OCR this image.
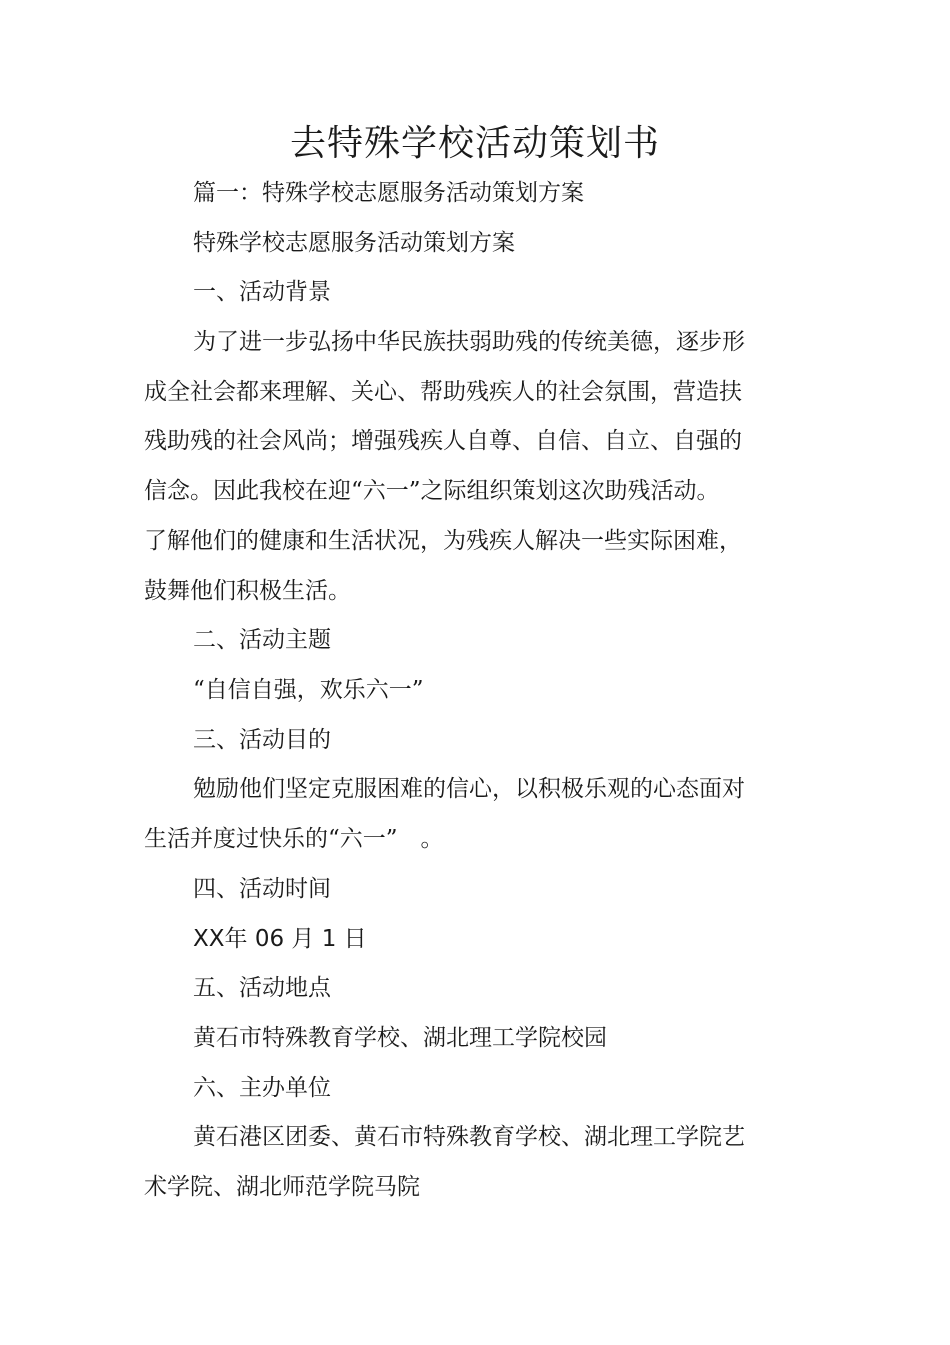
去特殊学校活动策划书

篇一：特殊学校志愿服务活动策划方案

特殊学校志愿服务活动策划方案

一、活动背景

为了进一步弘扬中华民族扶弱助残的传统美德，逐步形

成全社会都来理解、关心、帮助残疾人的社会氛围，营造扶

残助残的社会风尚；增强残疾人自尊、自信、自立、自强的

信念。因此我校在迎“六一”之际组织策划这次助残活动。

了解他们的健康和生活状况，为残疾人解决一些实际困难，

鼓舞他们积极生活。

二、活动主题

“自信自强，欢乐六一”

三、活动目的

勉励他们坚定克服困难的信心，以积极乐观的心态面对

生活并度过快乐的“六一”　。

四、活动时间

XX年 06 月 1 日

五、活动地点

黄石市特殊教育学校、湖北理工学院校园

六、主办单位

黄石港区团委、黄石市特殊教育学校、湖北理工学院艺

术学院、湖北师范学院马院
